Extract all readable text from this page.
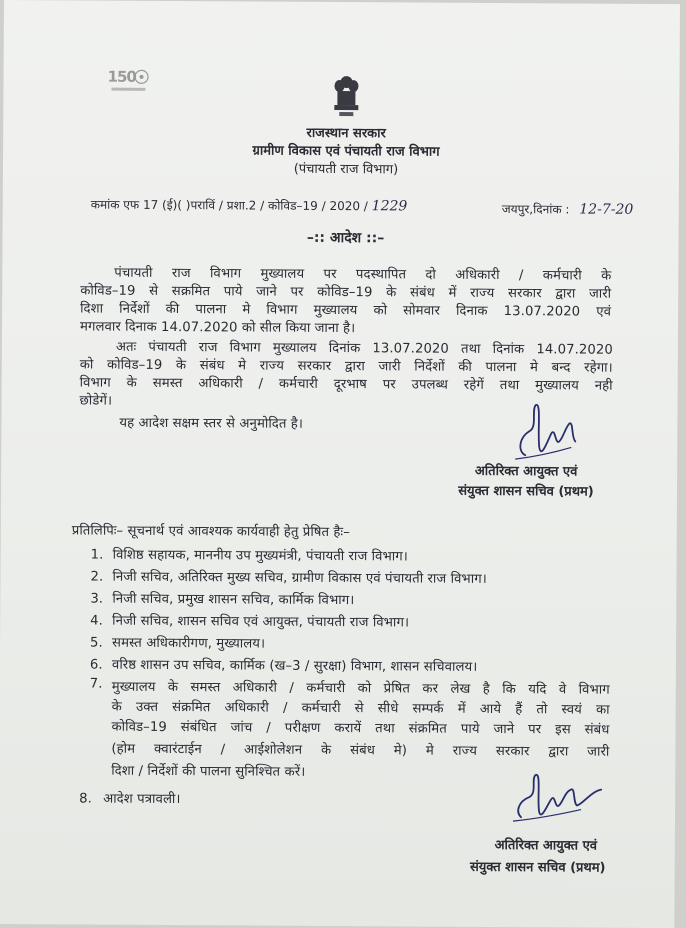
150
राजस्थान सरकार
ग्रामीण विकास एवं पंचायती राज विभाग
(पंचायती राज विभाग)
कमांक एफ 17 (ई)( )पराविं / प्रशा.2 / कोविड–19 / 2020 / 1229	जयपुर,दिनांक : 12-7-20
–:: आदेश ::–
पंचायती राज विभाग मुख्यालय पर पदस्थापित दो अधिकारी / कर्मचारी के
कोविड–19 से सक्रमित पाये जाने पर कोविड–19 के संबंध में राज्य सरकार द्वारा जारी
दिशा निर्देशों की पालना मे विभाग मुख्यालय को सोमवार दिनाक 13.07.2020 एवं
मगलवार दिनाक 14.07.2020 को सील किया जाना है।
अतः पंचायती राज विभाग मुख्यालय दिनांक 13.07.2020 तथा दिनांक 14.07.2020
को कोविड–19 के संबंध मे राज्य सरकार द्वारा जारी निर्देशों की पालना मे बन्द रहेगा।
विभाग के समस्त अधिकारी / कर्मचारी दूरभाष पर उपलब्ध रहेगें तथा मुख्यालय नही
छोडेगें।
यह आदेश सक्षम स्तर से अनुमोदित है।
अतिरिक्त आयुक्त एवं
संयुक्त शासन सचिव (प्रथम)
प्रतिलिपिः– सूचनार्थ एवं आवश्यक कार्यवाही हेतु प्रेषित हैः–
1. विशिष्ठ सहायक, माननीय उप मुख्यमंत्री, पंचायती राज विभाग।
2. निजी सचिव, अतिरिक्त मुख्य सचिव, ग्रामीण विकास एवं पंचायती राज विभाग।
3. निजी सचिव, प्रमुख शासन सचिव, कार्मिक विभाग।
4. निजी सचिव, शासन सचिव एवं आयुक्त, पंचायती राज विभाग।
5. समस्त अधिकारीगण, मुख्यालय।
6. वरिष्ठ शासन उप सचिव, कार्मिक (ख–3 / सुरक्षा) विभाग, शासन सचिवालय।
7. मुख्यालय के समस्त अधिकारी / कर्मचारी को प्रेषित कर लेख है कि यदि वे विभाग
के उक्त संक्रमित अधिकारी / कर्मचारी से सीधे सम्पर्क में आये हैं तो स्वयं का
कोविड–19 संबंधित जांच / परीक्षण करायें तथा संक्रमित पाये जाने पर इस संबंध
(होम क्वारंटाईन / आईशोलेशन के संबंध मे) मे राज्य सरकार द्वारा जारी
दिशा / निर्देशों की पालना सुनिश्चित करें।
8. आदेश पत्रावली।
अतिरिक्त आयुक्त एवं
संयुक्त शासन सचिव (प्रथम)
